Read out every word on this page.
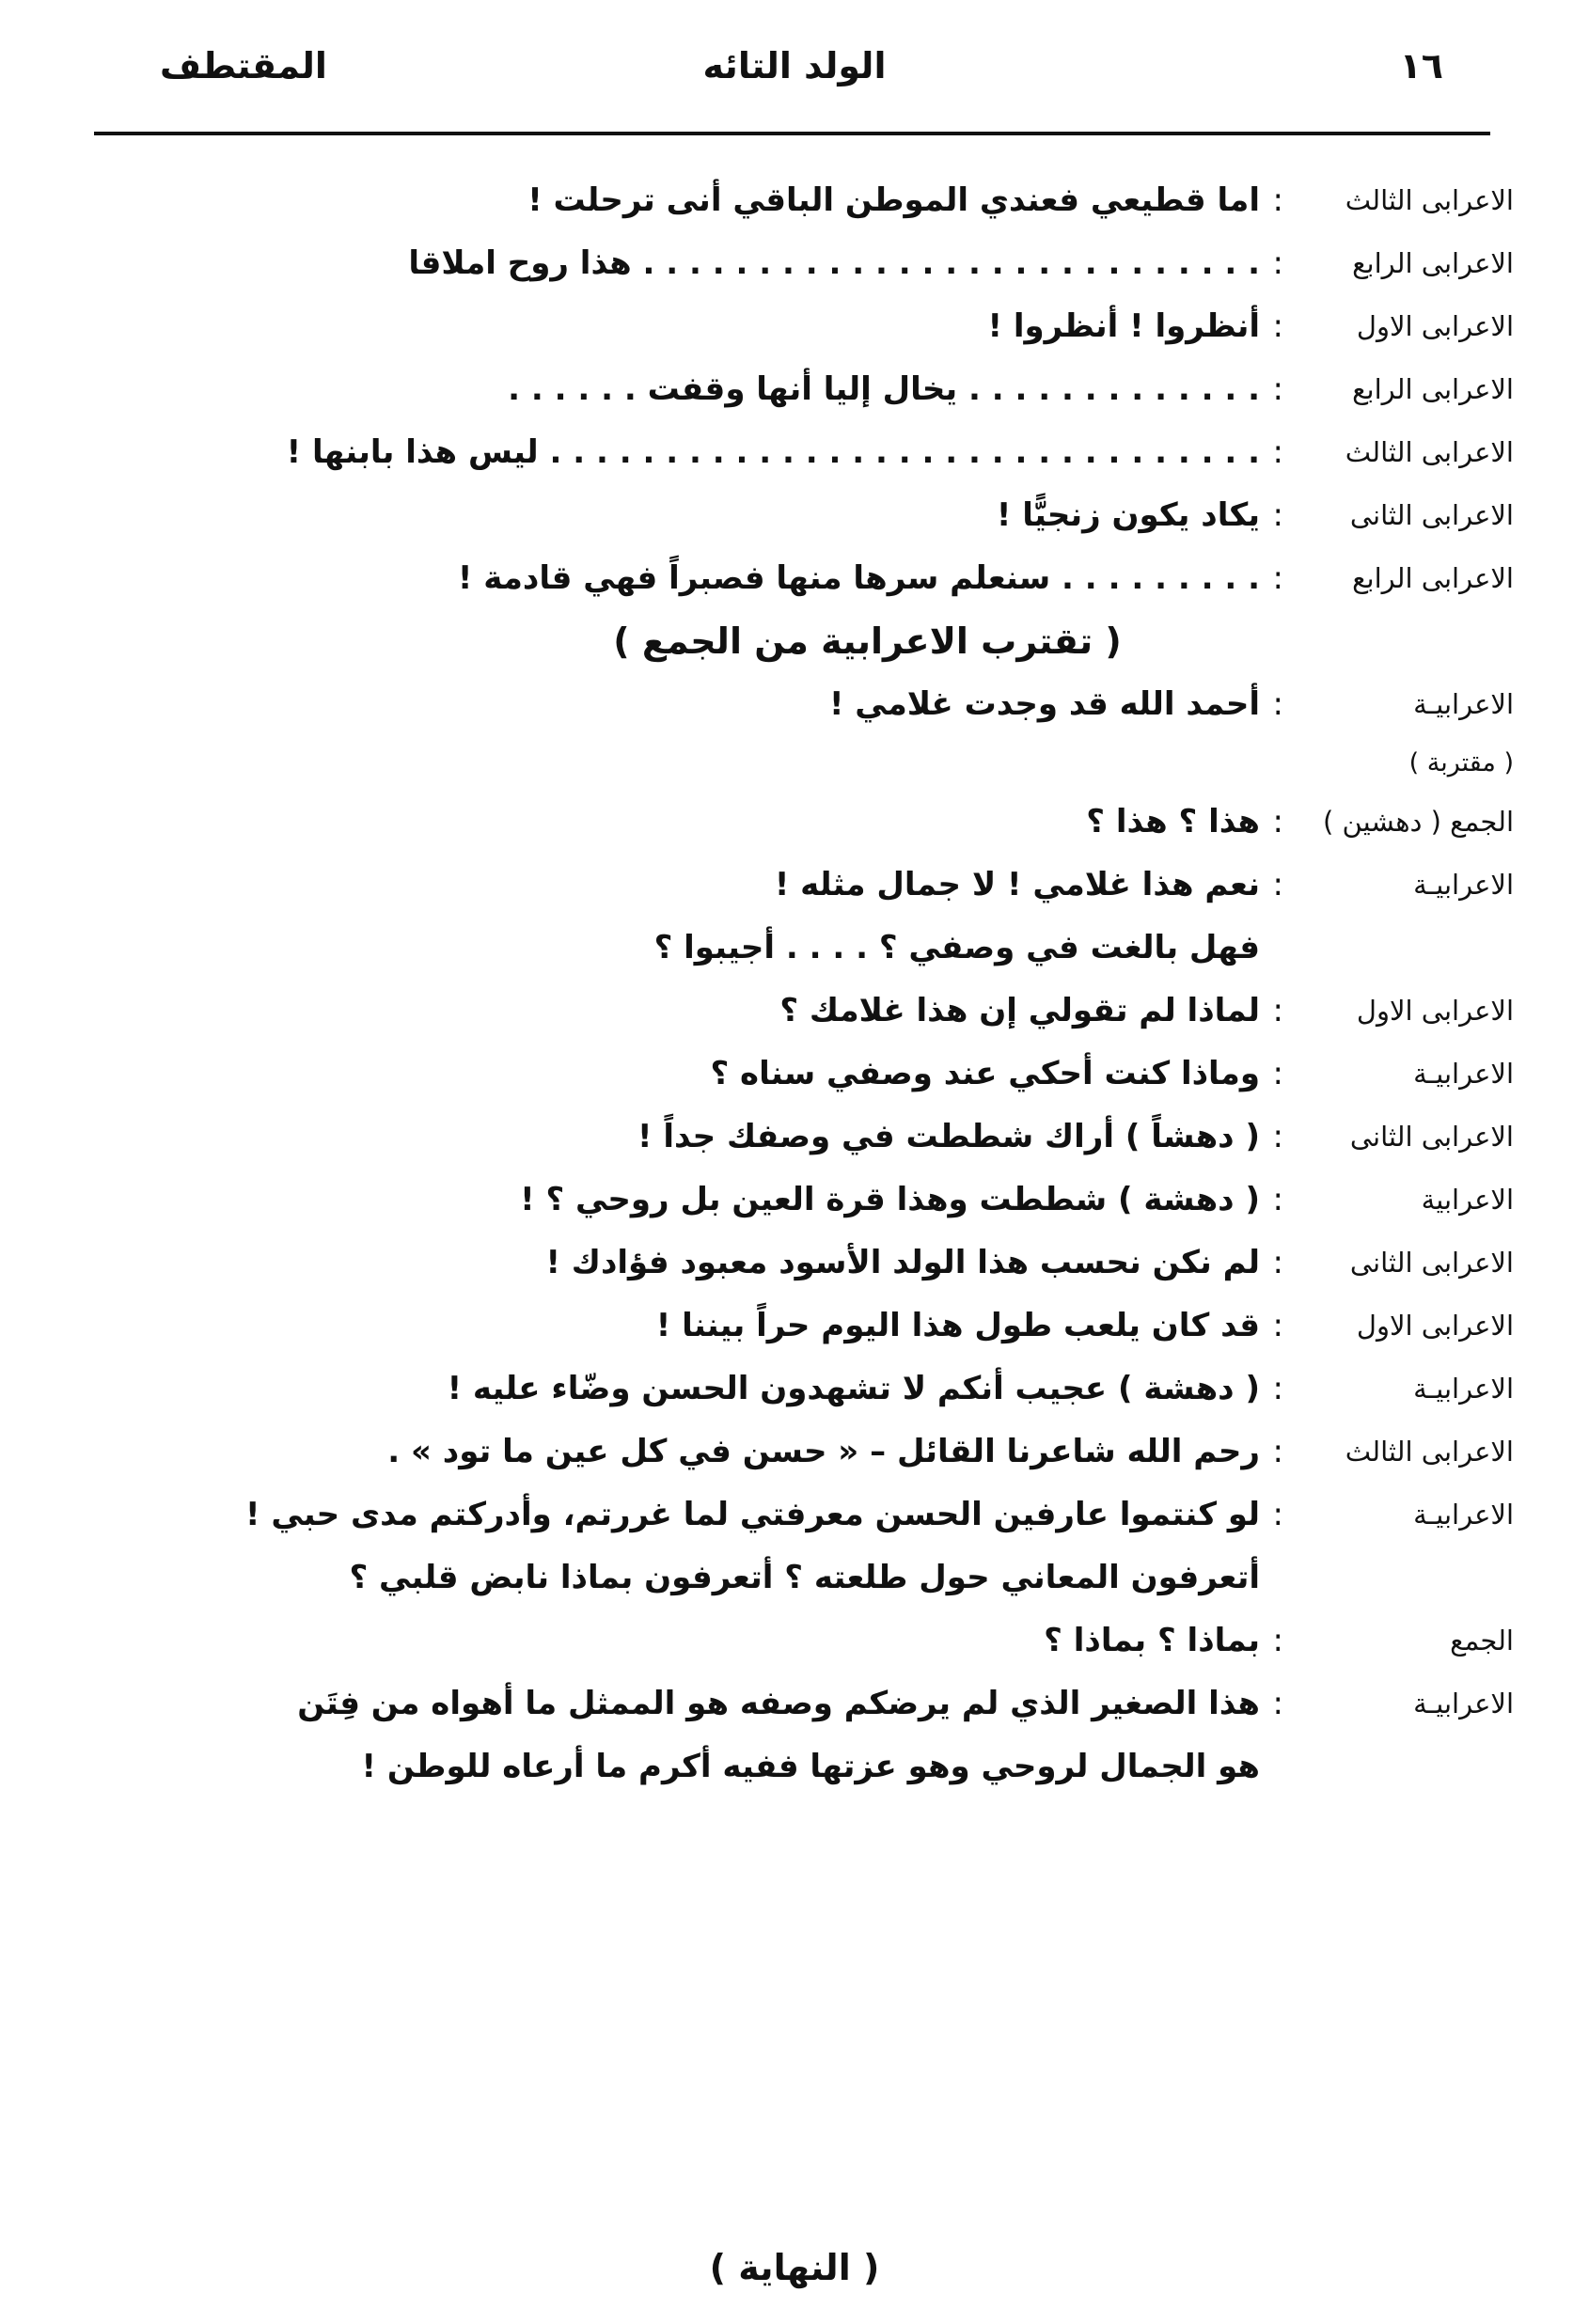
١٦
الولد التائه
المقتطف
الاعرابى الثالث
:
اما قطيعي فعندي الموطن الباقي أنى ترحلت !
الاعرابى الرابع
:
. . . . . . . . . . . . . . . . . . . . . . . . . . . هذا روح املاقا
الاعرابى الاول
:
أنظروا ! أنظروا !
الاعرابى الرابع
:
. . . . . . . . . . . . . يخال إليا أنها وقفت . . . . . .
الاعرابى الثالث
:
. . . . . . . . . . . . . . . . . . . . . . . . . . . . . . . ليس هذا بابنها !
الاعرابى الثانى
:
يكاد يكون زنجيًّا !
الاعرابى الرابع
:
. . . . . . . . . سنعلم سرها منها فصبراً فهي قادمة !
( تقترب الاعرابية من الجمع )
الاعرابيـة
:
أحمد الله قد وجدت غلامي !
( مقتربة )
الجمع ( دهشين )
:
هذا ؟ هذا ؟
الاعرابيـة
:
نعم هذا غلامي ! لا جمال مثله !
فهل بالغت في وصفي ؟ . . . . أجيبوا ؟
الاعرابى الاول
:
لماذا لم تقولي إن هذا غلامك ؟
الاعرابيـة
:
وماذا كنت أحكي عند وصفي سناه ؟
الاعرابى الثانى
:
( دهشاً ) أراك شططت في وصفك جداً !
الاعرابية
:
( دهشة ) شططت وهذا قرة العين بل روحي ؟ !
الاعرابى الثانى
:
لم نكن نحسب هذا الولد الأسود معبود فؤادك !
الاعرابى الاول
:
قد كان يلعب طول هذا اليوم حراً بيننا !
الاعرابيـة
:
( دهشة ) عجيب أنكم لا تشهدون الحسن وضّاء عليه !
الاعرابى الثالث
:
رحم الله شاعرنا القائل – « حسن في كل عين ما تود » .
الاعرابيـة
:
لو كنتموا عارفين الحسن معرفتي لما غررتم، وأدركتم مدى حبي !
أتعرفون المعاني حول طلعته ؟ أتعرفون بماذا نابض قلبي ؟
الجمع
:
بماذا ؟ بماذا ؟
الاعرابيـة
:
هذا الصغير الذي لم يرضكم وصفه هو الممثل ما أهواه من فِتَن
هو الجمال لروحي وهو عزتها ففيه أكرم ما أرعاه للوطن !
( النهاية )
